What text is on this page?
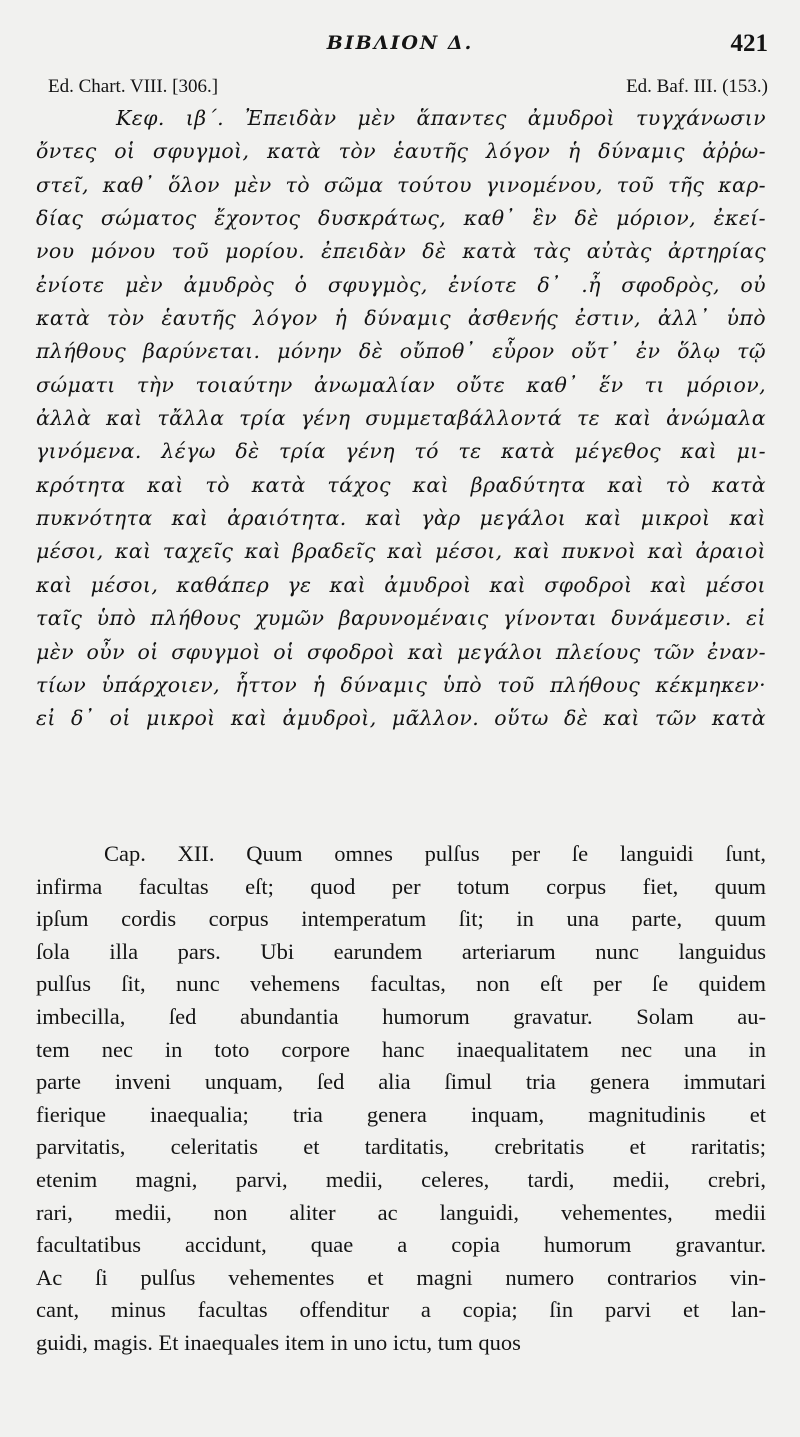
ΒΙΒΛΙΟΝ Δ.	421
Ed. Chart. VIII. [306.]	Ed. Baf. III. (153.)
Κεφ. ιβ΄. Ἐπειδὰν μὲν ἅπαντες ἀμυδροὶ τυγχάνωσιν
ὄντες οἱ σφυγμοὶ, κατὰ τὸν ἑαυτῆς λόγον ἡ δύναμις ἀῤῥω-
στεῖ, καθ᾽ ὅλον μὲν τὸ σῶμα τούτου γινομένου, τοῦ τῆς καρ-
δίας σώματος ἔχοντος δυσκράτως, καθ᾽ ἓν δὲ μόριον, ἐκεί-
νου μόνου τοῦ μορίου. ἐπειδὰν δὲ κατὰ τὰς αὐτὰς ἀρτηρίας
ἐνίοτε μὲν ἀμυδρὸς ὁ σφυγμὸς, ἐνίοτε δ᾽ .ἦ σφοδρὸς, οὐ
κατὰ τὸν ἑαυτῆς λόγον ἡ δύναμις ἀσθενής ἐστιν, ἀλλ᾽ ὑπὸ
πλήθους βαρύνεται. μόνην δὲ οὔποθ᾽ εὗρον οὔτ᾽ ἐν ὅλῳ τῷ
σώματι τὴν τοιαύτην ἀνωμαλίαν οὔτε καθ᾽ ἕν τι μόριον,
ἀλλὰ καὶ τἄλλα τρία γένη συμμεταβάλλοντά τε καὶ ἀνώμαλα
γινόμενα. λέγω δὲ τρία γένη τό τε κατὰ μέγεθος καὶ μι-
κρότητα καὶ τὸ κατὰ τάχος καὶ βραδύτητα καὶ τὸ κατὰ
πυκνότητα καὶ ἀραιότητα. καὶ γὰρ μεγάλοι καὶ μικροὶ καὶ
μέσοι, καὶ ταχεῖς καὶ βραδεῖς καὶ μέσοι, καὶ πυκνοὶ καὶ ἀραιοὶ
καὶ μέσοι, καθάπερ γε καὶ ἀμυδροὶ καὶ σφοδροὶ καὶ μέσοι
ταῖς ὑπὸ πλήθους χυμῶν βαρυνομέναις γίνονται δυνάμεσιν. εἰ
μὲν οὖν οἱ σφυγμοὶ οἱ σφοδροὶ καὶ μεγάλοι πλείους τῶν ἐναν-
τίων ὑπάρχοιεν, ἧττον ἡ δύναμις ὑπὸ τοῦ πλήθους κέκμηκεν·
εἰ δ᾽ οἱ μικροὶ καὶ ἀμυδροὶ, μᾶλλον. οὕτω δὲ καὶ τῶν κατὰ
Cap. XII. Quum omnes pulſus per ſe languidi ſunt,
infirma facultas eſt; quod per totum corpus fiet, quum
ipſum cordis corpus intemperatum ſit; in una parte, quum
ſola illa pars. Ubi earundem arteriarum nunc languidus
pulſus ſit, nunc vehemens facultas, non eſt per ſe quidem
imbecilla, ſed abundantia humorum gravatur. Solam au-
tem nec in toto corpore hanc inaequalitatem nec una in
parte inveni unquam, ſed alia ſimul tria genera immutari
fierique inaequalia; tria genera inquam, magnitudinis et
parvitatis, celeritatis et tarditatis, crebritatis et raritatis;
etenim magni, parvi, medii, celeres, tardi, medii, crebri,
rari, medii, non aliter ac languidi, vehementes, medii
facultatibus accidunt, quae a copia humorum gravantur.
Ac ſi pulſus vehementes et magni numero contrarios vin-
cant, minus facultas offenditur a copia; ſin parvi et lan-
guidi, magis. Et inaequales item in uno ictu, tum quos
